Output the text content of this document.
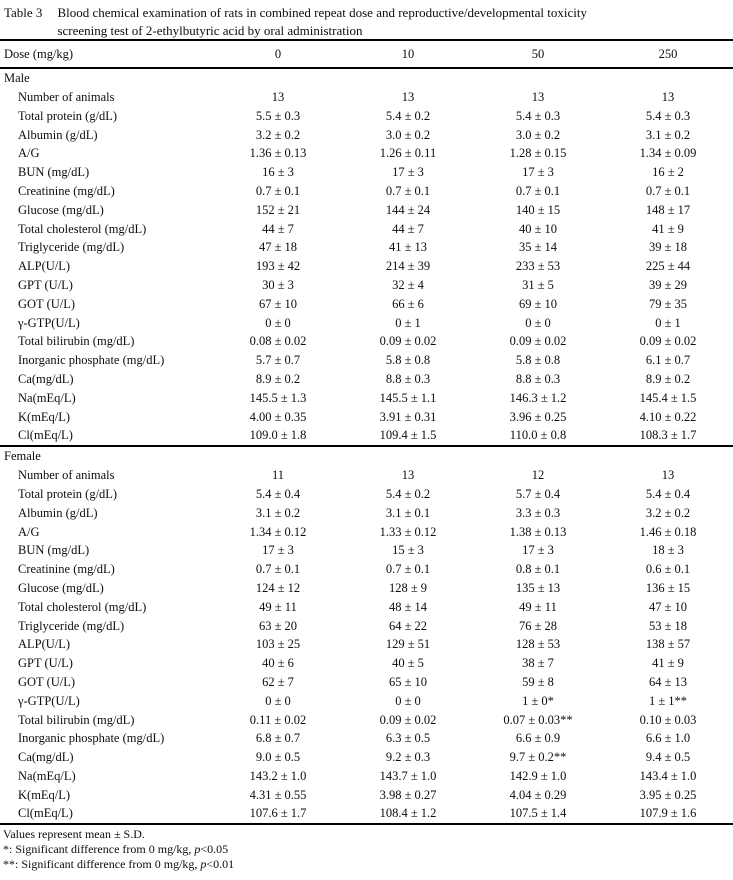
Table 3 Blood chemical examination of rats in combined repeat dose and reproductive/developmental toxicity
screening test of 2-ethylbutyric acid by oral administration
Dose (mg/kg)	0	10	50	250
Male
Number of animals	13	13	13	13
Total protein (g/dL)	5.5 ± 0.3	5.4 ± 0.2	5.4 ± 0.3	5.4 ± 0.3
Albumin (g/dL)	3.2 ± 0.2	3.0 ± 0.2	3.0 ± 0.2	3.1 ± 0.2
A/G	1.36 ± 0.13	1.26 ± 0.11	1.28 ± 0.15	1.34 ± 0.09
BUN (mg/dL)	16 ± 3	17 ± 3	17 ± 3	16 ± 2
Creatinine (mg/dL)	0.7 ± 0.1	0.7 ± 0.1	0.7 ± 0.1	0.7 ± 0.1
Glucose (mg/dL)	152 ± 21	144 ± 24	140 ± 15	148 ± 17
Total cholesterol (mg/dL)	44 ± 7	44 ± 7	40 ± 10	41 ± 9
Triglyceride (mg/dL)	47 ± 18	41 ± 13	35 ± 14	39 ± 18
ALP(U/L)	193 ± 42	214 ± 39	233 ± 53	225 ± 44
GPT (U/L)	30 ± 3	32 ± 4	31 ± 5	39 ± 29
GOT (U/L)	67 ± 10	66 ± 6	69 ± 10	79 ± 35
γ-GTP(U/L)	0 ± 0	0 ± 1	0 ± 0	0 ± 1
Total bilirubin (mg/dL)	0.08 ± 0.02	0.09 ± 0.02	0.09 ± 0.02	0.09 ± 0.02
Inorganic phosphate (mg/dL)	5.7 ± 0.7	5.8 ± 0.8	5.8 ± 0.8	6.1 ± 0.7
Ca(mg/dL)	8.9 ± 0.2	8.8 ± 0.3	8.8 ± 0.3	8.9 ± 0.2
Na(mEq/L)	145.5 ± 1.3	145.5 ± 1.1	146.3 ± 1.2	145.4 ± 1.5
K(mEq/L)	4.00 ± 0.35	3.91 ± 0.31	3.96 ± 0.25	4.10 ± 0.22
Cl(mEq/L)	109.0 ± 1.8	109.4 ± 1.5	110.0 ± 0.8	108.3 ± 1.7
Female
Number of animals	11	13	12	13
Total protein (g/dL)	5.4 ± 0.4	5.4 ± 0.2	5.7 ± 0.4	5.4 ± 0.4
Albumin (g/dL)	3.1 ± 0.2	3.1 ± 0.1	3.3 ± 0.3	3.2 ± 0.2
A/G	1.34 ± 0.12	1.33 ± 0.12	1.38 ± 0.13	1.46 ± 0.18
BUN (mg/dL)	17 ± 3	15 ± 3	17 ± 3	18 ± 3
Creatinine (mg/dL)	0.7 ± 0.1	0.7 ± 0.1	0.8 ± 0.1	0.6 ± 0.1
Glucose (mg/dL)	124 ± 12	128 ± 9	135 ± 13	136 ± 15
Total cholesterol (mg/dL)	49 ± 11	48 ± 14	49 ± 11	47 ± 10
Triglyceride (mg/dL)	63 ± 20	64 ± 22	76 ± 28	53 ± 18
ALP(U/L)	103 ± 25	129 ± 51	128 ± 53	138 ± 57
GPT (U/L)	40 ± 6	40 ± 5	38 ± 7	41 ± 9
GOT (U/L)	62 ± 7	65 ± 10	59 ± 8	64 ± 13
γ-GTP(U/L)	0 ± 0	0 ± 0	1 ± 0*	1 ± 1**
Total bilirubin (mg/dL)	0.11 ± 0.02	0.09 ± 0.02	0.07 ± 0.03**	0.10 ± 0.03
Inorganic phosphate (mg/dL)	6.8 ± 0.7	6.3 ± 0.5	6.6 ± 0.9	6.6 ± 1.0
Ca(mg/dL)	9.0 ± 0.5	9.2 ± 0.3	9.7 ± 0.2**	9.4 ± 0.5
Na(mEq/L)	143.2 ± 1.0	143.7 ± 1.0	142.9 ± 1.0	143.4 ± 1.0
K(mEq/L)	4.31 ± 0.55	3.98 ± 0.27	4.04 ± 0.29	3.95 ± 0.25
Cl(mEq/L)	107.6 ± 1.7	108.4 ± 1.2	107.5 ± 1.4	107.9 ± 1.6
Values represent mean ± S.D.
*: Significant difference from 0 mg/kg, p<0.05
**: Significant difference from 0 mg/kg, p<0.01
